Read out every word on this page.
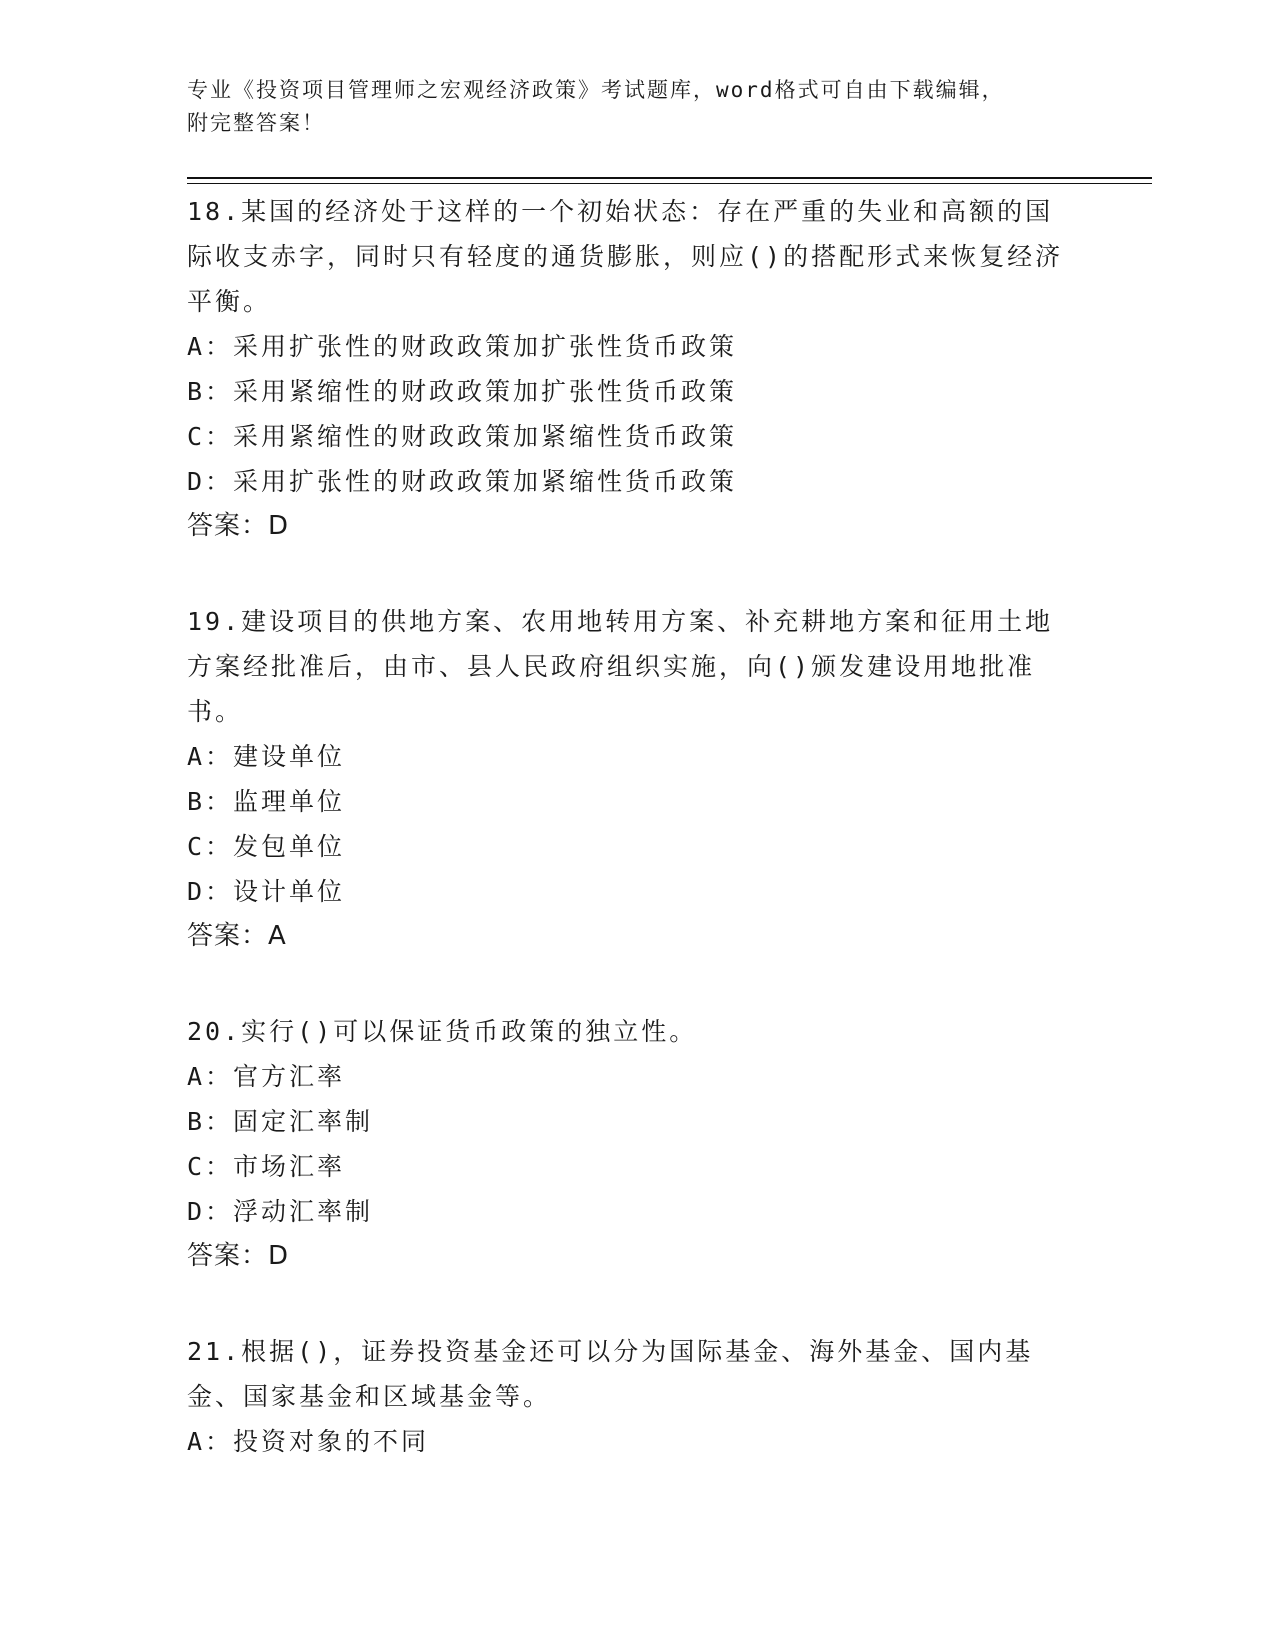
专业《投资项目管理师之宏观经济政策》考试题库，word格式可自由下载编辑，
附完整答案！
18.某国的经济处于这样的一个初始状态：存在严重的失业和高额的国际收支赤字，同时只有轻度的通货膨胀，则应()的搭配形式来恢复经济平衡。
A：采用扩张性的财政政策加扩张性货币政策
B：采用紧缩性的财政政策加扩张性货币政策
C：采用紧缩性的财政政策加紧缩性货币政策
D：采用扩张性的财政政策加紧缩性货币政策
答案：D
19.建设项目的供地方案、农用地转用方案、补充耕地方案和征用土地方案经批准后，由市、县人民政府组织实施，向()颁发建设用地批准书。
A：建设单位
B：监理单位
C：发包单位
D：设计单位
答案：A
20.实行()可以保证货币政策的独立性。
A：官方汇率
B：固定汇率制
C：市场汇率
D：浮动汇率制
答案：D
21.根据()，证券投资基金还可以分为国际基金、海外基金、国内基金、国家基金和区域基金等。
A：投资对象的不同
